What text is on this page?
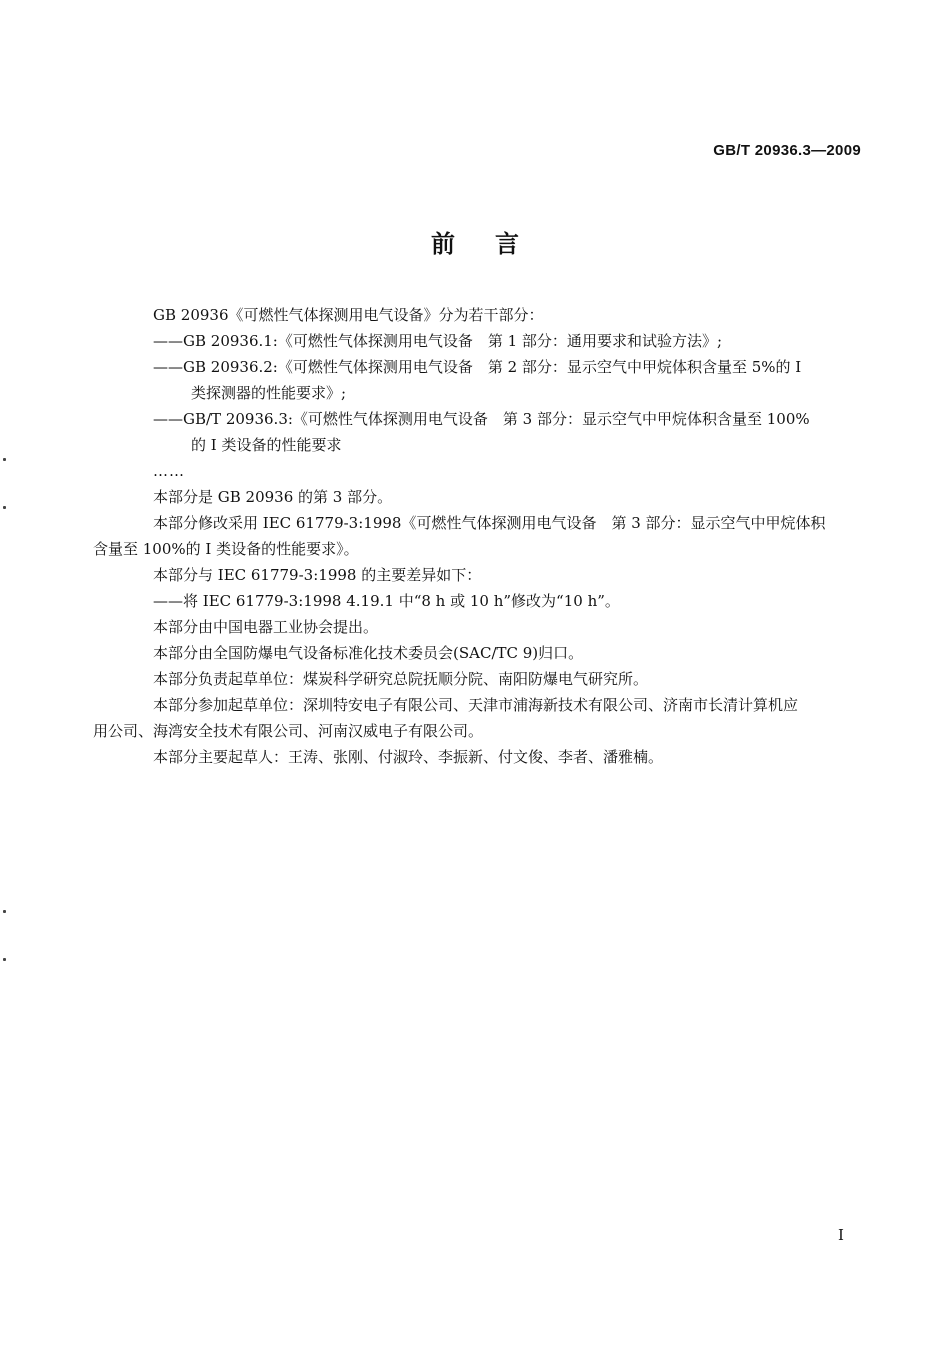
GB/T 20936.3—2009
前言

GB 20936《可燃性气体探测用电气设备》分为若干部分：

——GB 20936.1:《可燃性气体探测用电气设备　第 1 部分：通用要求和试验方法》;

——GB 20936.2:《可燃性气体探测用电气设备　第 2 部分：显示空气中甲烷体积含量至 5%的 Ⅰ
类探测器的性能要求》;

——GB/T 20936.3:《可燃性气体探测用电气设备　第 3 部分：显示空气中甲烷体积含量至 100%
的 Ⅰ 类设备的性能要求

……

本部分是 GB 20936 的第 3 部分。

本部分修改采用 IEC 61779-3:1998《可燃性气体探测用电气设备　第 3 部分：显示空气中甲烷体积
含量至 100%的 Ⅰ 类设备的性能要求》。

本部分与 IEC 61779-3:1998 的主要差异如下：

——将 IEC 61779-3:1998 4.19.1 中“8 h 或 10 h”修改为“10 h”。

本部分由中国电器工业协会提出。

本部分由全国防爆电气设备标准化技术委员会(SAC/TC 9)归口。

本部分负责起草单位：煤炭科学研究总院抚顺分院、南阳防爆电气研究所。

本部分参加起草单位：深圳特安电子有限公司、天津市浦海新技术有限公司、济南市长清计算机应
用公司、海湾安全技术有限公司、河南汉威电子有限公司。

本部分主要起草人：王涛、张刚、付淑玲、李振新、付文俊、李者、潘雅楠。

I
